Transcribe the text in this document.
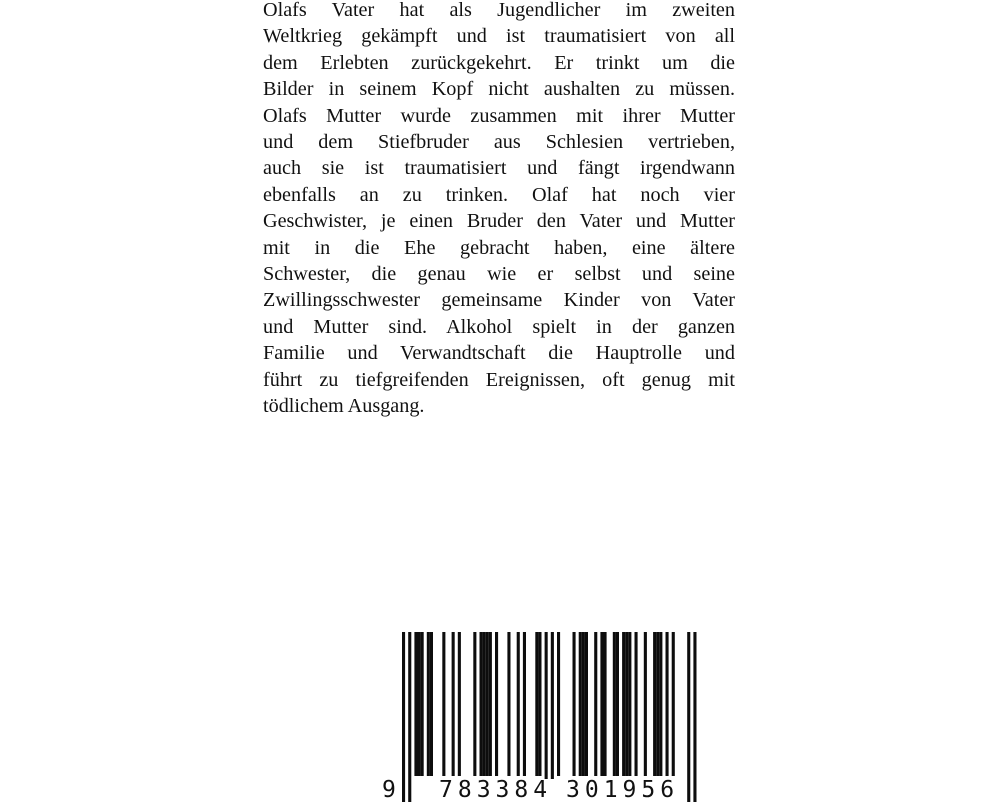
Olafs Vater hat als Jugendlicher im zweiten
Weltkrieg gekämpft und ist traumatisiert von all
dem Erlebten zurückgekehrt. Er trinkt um die
Bilder in seinem Kopf nicht aushalten zu müssen.
Olafs Mutter wurde zusammen mit ihrer Mutter
und dem Stiefbruder aus Schlesien vertrieben,
auch sie ist traumatisiert und fängt irgendwann
ebenfalls an zu trinken. Olaf hat noch vier
Geschwister, je einen Bruder den Vater und Mutter
mit in die Ehe gebracht haben, eine ältere
Schwester, die genau wie er selbst und seine
Zwillingsschwester gemeinsame Kinder von Vater
und Mutter sind. Alkohol spielt in der ganzen
Familie und Verwandtschaft die Hauptrolle und
führt zu tiefgreifenden Ereignissen, oft genug mit
tödlichem Ausgang.
9 783384 301956
